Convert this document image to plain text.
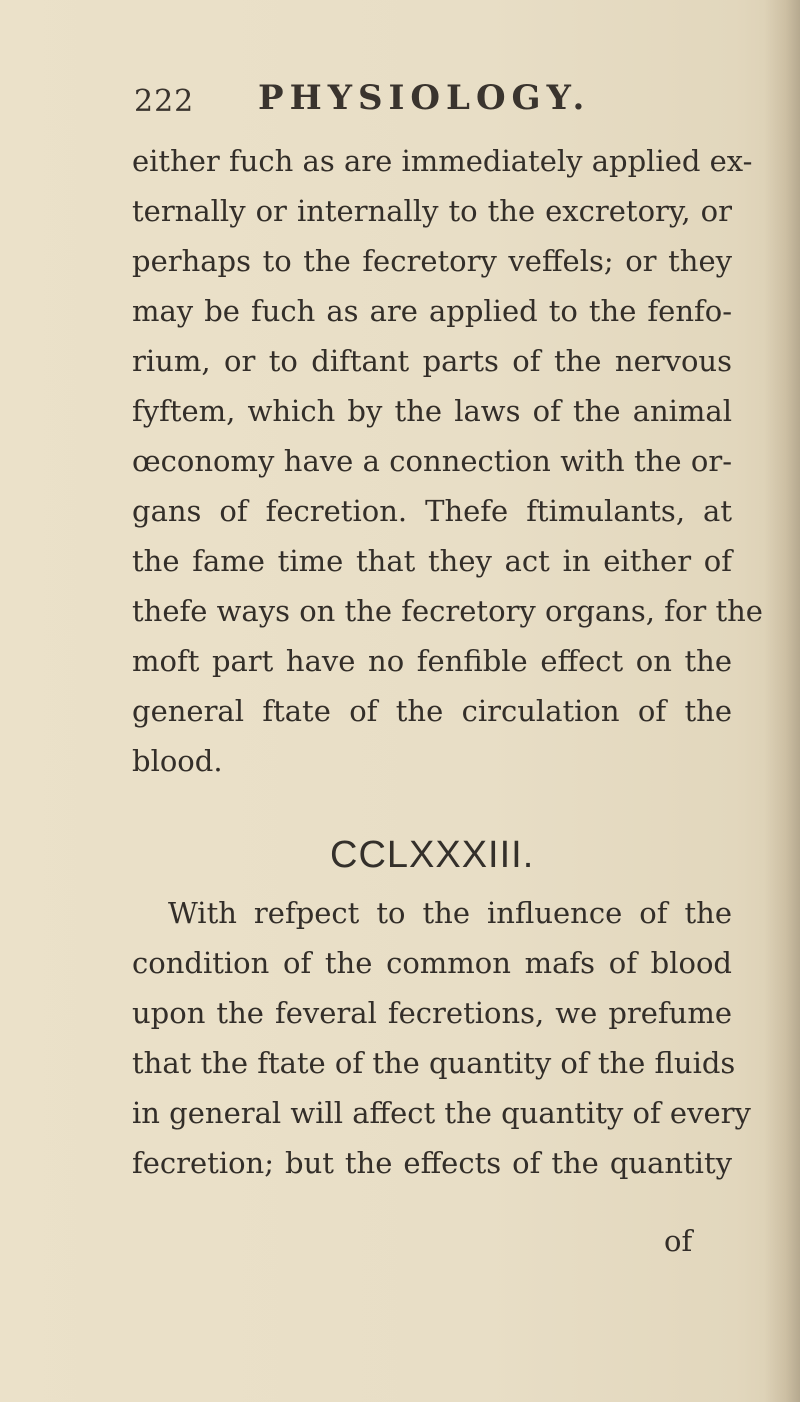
222 PHYSIOLOGY.
either fuch as are immediately applied ex-
ternally or internally to the excretory, or
perhaps to the fecretory veffels; or they
may be fuch as are applied to the fenfo-
rium, or to diftant parts of the nervous
fyftem, which by the laws of the animal
œconomy have a connection with the or-
gans of fecretion. Thefe ftimulants, at
the fame time that they act in either of
thefe ways on the fecretory organs, for the
moft part have no fenfible effect on the
general ftate of the circulation of the
blood.
CCLXXXIII.
With refpect to the influence of the
condition of the common mafs of blood
upon the feveral fecretions, we prefume
that the ftate of the quantity of the fluids
in general will affect the quantity of every
fecretion; but the effects of the quantity
of
